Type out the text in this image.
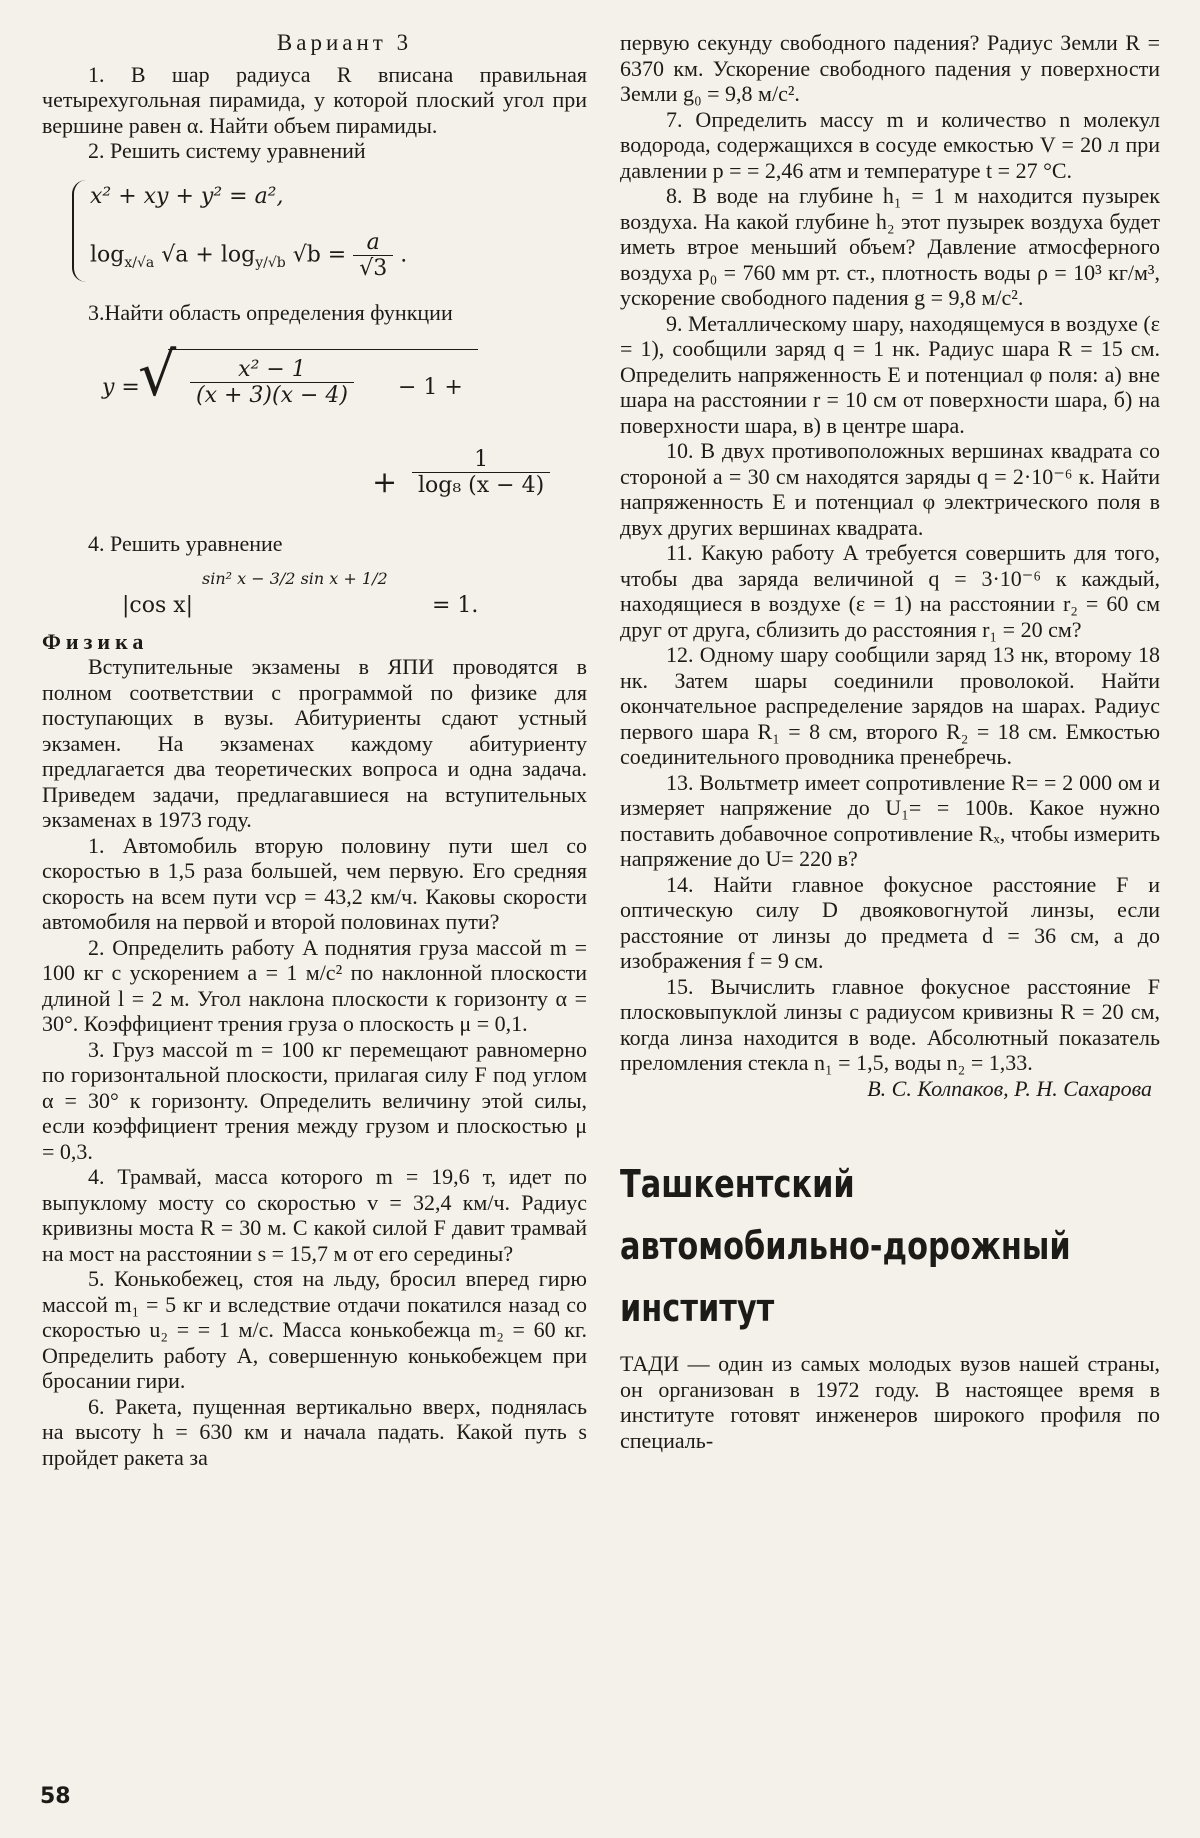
Вариант 3

1. В шар радиуса R вписана правильная четырехугольная пирамида, у которой плоский угол при вершине равен α. Найти объем пирамиды.

2. Решить систему уравнений

x² + xy + y² = a²,
$\log_{x/√a} √a + \log_{y/√b} √b = \frac{a}{√3}$ .

3.Найти область определения функции

y =
√ $\frac{\text{x² − 1}}{(x + 3)(x - 4)} - 1$ +
+ $\frac{1}{\text{log₈ (x − 4)}}$

4. Решить уравнение

|cos x|
sin² x − 3/2 sin x + 1/2
= 1.

Физика

Вступительные экзамены в ЯПИ проводятся в полном соответствии с программой по физике для поступающих в вузы. Абитуриенты сдают устный экзамен. На экзаменах каждому абитуриенту предлагается два теоретических вопроса и одна задача. Приведем задачи, предлагавшиеся на вступительных экзаменах в 1973 году.

1. Автомобиль вторую половину пути шел со скоростью в 1,5 раза большей, чем первую. Его средняя скорость на всем пути vср = 43,2 км/ч. Каковы скорости автомобиля на первой и второй половинах пути?

2. Определить работу A поднятия груза массой m = 100 кг с ускорением a = 1 м/с² по наклонной плоскости длиной l = 2 м. Угол наклона плоскости к горизонту α = 30°. Коэффициент трения груза о плоскость μ = 0,1.

3. Груз массой m = 100 кг перемещают равномерно по горизонтальной плоскости, прилагая силу F под углом α = 30° к горизонту. Определить величину этой силы, если коэффициент трения между грузом и плоскостью μ = 0,3.

4. Трамвай, масса которого m = 19,6 т, идет по выпуклому мосту со скоростью v = 32,4 км/ч. Радиус кривизны моста R = 30 м. С какой силой F давит трамвай на мост на расстоянии s = 15,7 м от его середины?

5. Конькобежец, стоя на льду, бросил вперед гирю массой m₁ = 5 кг и вследствие отдачи покатился назад со скоростью u₂ = = 1 м/с. Масса конькобежца m₂ = 60 кг. Определить работу A, совершенную конькобежцем при бросании гири.

6. Ракета, пущенная вертикально вверх, поднялась на высоту h = 630 км и начала падать. Какой путь s пройдет ракета за

первую секунду свободного падения? Радиус Земли R = 6370 км. Ускорение свободного падения у поверхности Земли g₀ = 9,8 м/с².

7. Определить массу m и количество n молекул водорода, содержащихся в сосуде емкостью V = 20 л при давлении p = = 2,46 атм и температуре t = 27 °С.

8. В воде на глубине h₁ = 1 м находится пузырек воздуха. На какой глубине h₂ этот пузырек воздуха будет иметь втрое меньший объем? Давление атмосферного воздуха p₀ = 760 мм рт. ст., плотность воды ρ = 10³ кг/м³, ускорение свободного падения g = 9,8 м/с².

9. Металлическому шару, находящемуся в воздухе (ε = 1), сообщили заряд q = 1 нк. Радиус шара R = 15 см. Определить напряженность E и потенциал φ поля: а) вне шара на расстоянии r = 10 см от поверхности шара, б) на поверхности шара, в) в центре шара.

10. В двух противоположных вершинах квадрата со стороной a = 30 см находятся заряды q = 2·10⁻⁶ к. Найти напряженность E и потенциал φ электрического поля в двух других вершинах квадрата.

11. Какую работу A требуется совершить для того, чтобы два заряда величиной q = 3·10⁻⁶ к каждый, находящиеся в воздухе (ε = 1) на расстоянии r₂ = 60 см друг от друга, сблизить до расстояния r₁ = 20 см?

12. Одному шару сообщили заряд 13 нк, второму 18 нк. Затем шары соединили проволокой. Найти окончательное распределение зарядов на шарах. Радиус первого шара R₁ = 8 см, второго R₂ = 18 см. Емкостью соединительного проводника пренебречь.

13. Вольтметр имеет сопротивление R= = 2 000 ом и измеряет напряжение до U₁= = 100в. Какое нужно поставить добавочное сопротивление Rₓ, чтобы измерить напряжение до U= 220 в?

14. Найти главное фокусное расстояние F и оптическую силу D двояковогнутой линзы, если расстояние от линзы до предмета d = 36 см, а до изображения f = 9 см.

15. Вычислить главное фокусное расстояние F плосковыпуклой линзы с радиусом кривизны R = 20 см, когда линза находится в воде. Абсолютный показатель преломления стекла n₁ = 1,5, воды n₂ = 1,33.

В. С. Колпаков, Р. Н. Сахарова

Ташкентский

автомобильно-дорожный

институт

ТАДИ — один из самых молодых вузов нашей страны, он организован в 1972 году. В настоящее время в институте готовят инженеров широкого профиля по специаль-

58
